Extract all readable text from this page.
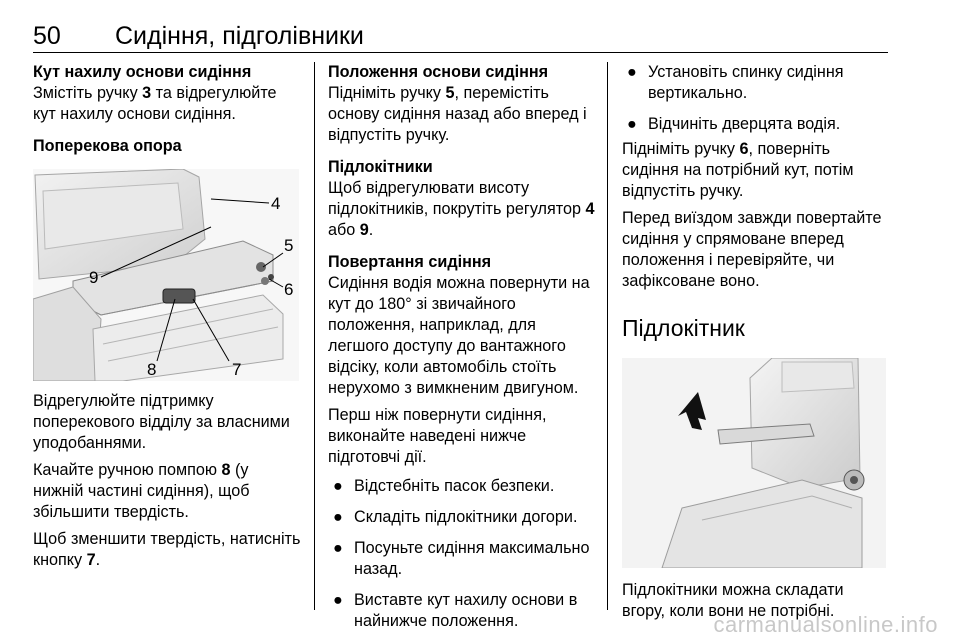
50 Сидіння, підголівники
Кут нахилу основи сидіння

Змістіть ручку 3 та відрегулюйте кут нахилу основи сидіння.

Поперекова опора
4
5
6
9
8	7

Відрегулюйте підтримку поперекового відділу за власними уподобаннями.

Качайте ручною помпою 8 (у нижній частині сидіння), щоб збільшити твердість.

Щоб зменшити твердість, натисніть кнопку 7.

Положення основи сидіння

Підніміть ручку 5, перемістіть основу сидіння назад або вперед і відпустіть ручку.

Підлокітники

Щоб відрегулювати висоту підлокітників, покрутіть регулятор 4 або 9.

Повертання сидіння

Сидіння водія можна повернути на кут до 180° зі звичайного положення, наприклад, для легшого доступу до вантажного відсіку, коли автомобіль стоїть нерухомо з вимкненим двигуном.

Перш ніж повернути сидіння, виконайте наведені нижче підготовчі дії.

● Відстебніть пасок безпеки.
● Складіть підлокітники догори.
● Посуньте сидіння максимально назад.
● Виставте кут нахилу основи в найнижче положення.
● Установіть спинку сидіння вертикально.
● Відчиніть дверцята водія.

Підніміть ручку 6, поверніть сидіння на потрібний кут, потім відпустіть ручку.

Перед виїздом завжди повертайте сидіння у спрямоване вперед положення і перевіряйте, чи зафіксоване воно.

Підлокітник

Підлокітники можна складати вгору, коли вони не потрібні.

carmanualsonline.info
